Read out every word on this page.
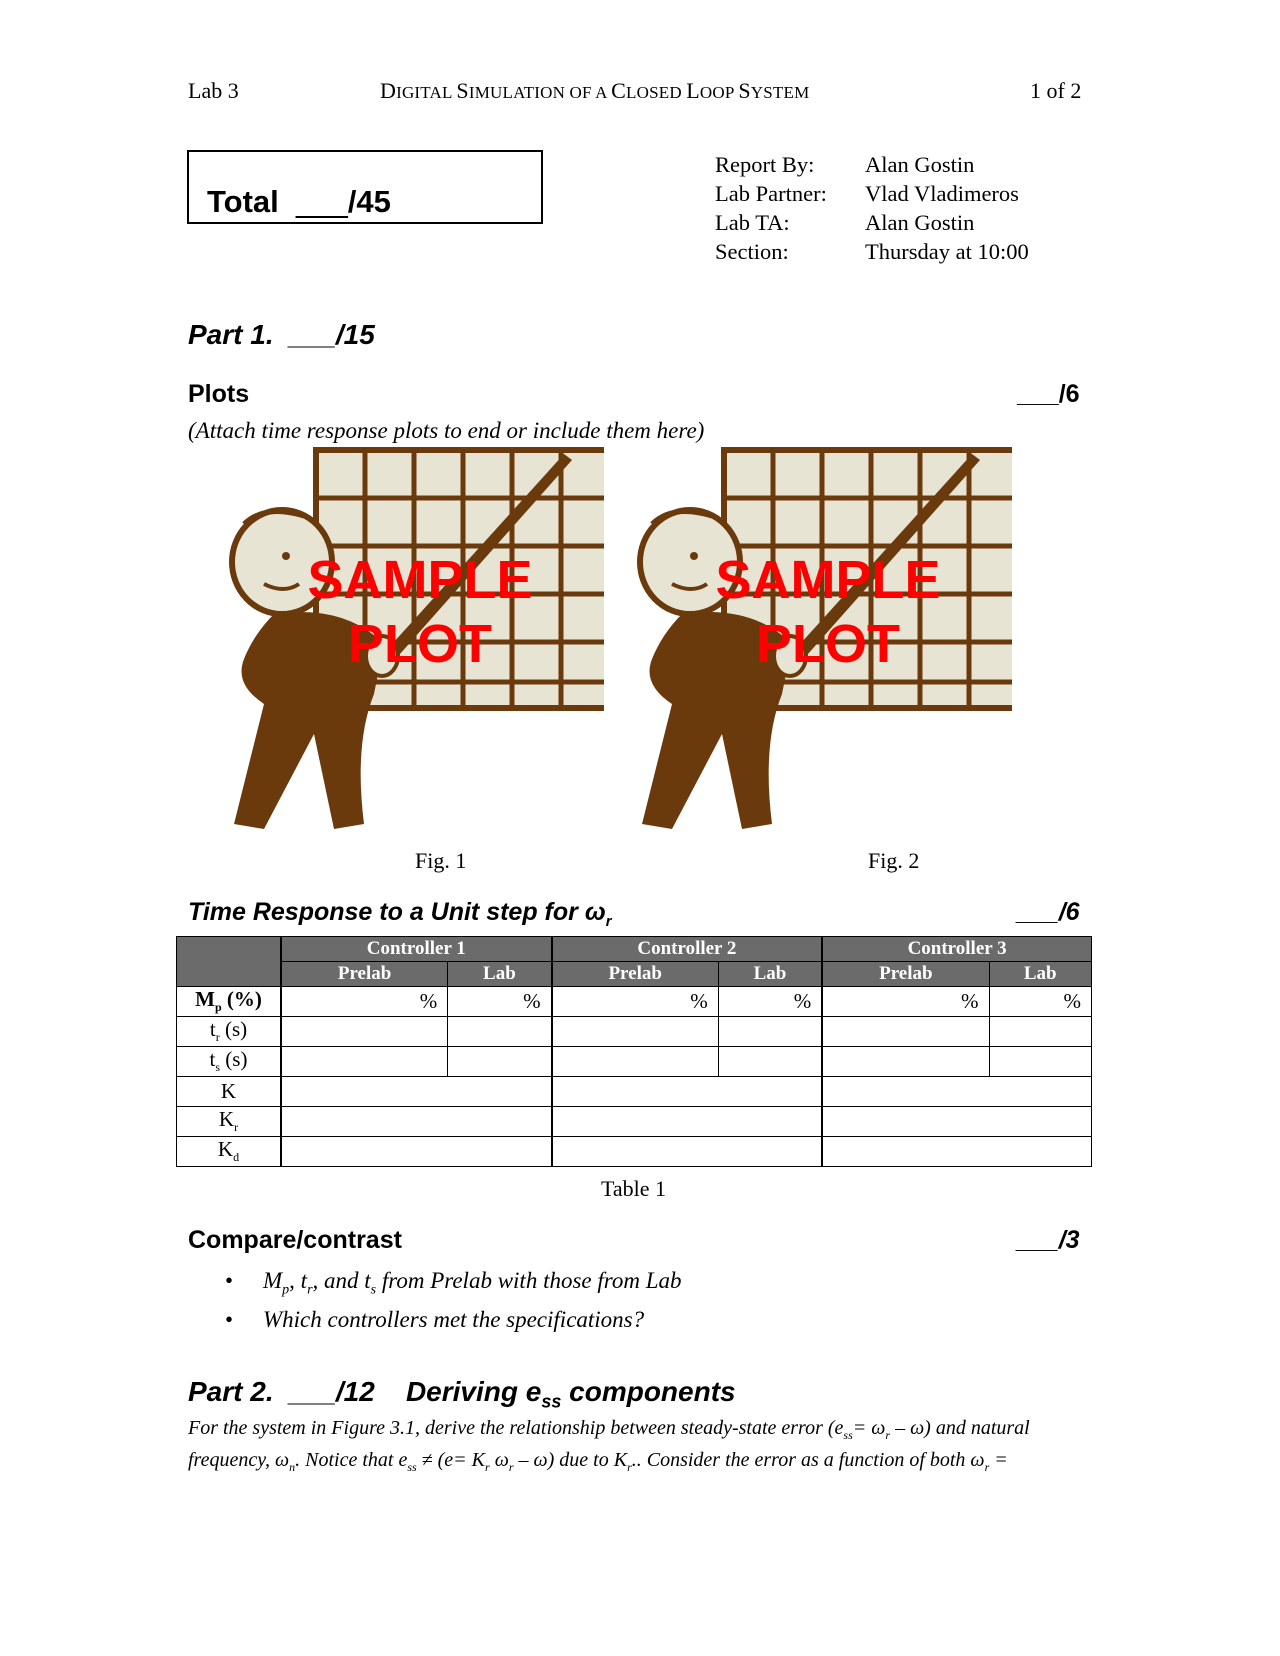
Lab 3	DIGITAL SIMULATION OF A CLOSED LOOP SYSTEM	1 of 2
Total ___/45
Report By:	Alan Gostin
Lab Partner:	Vlad Vladimeros
Lab TA:	Alan Gostin
Section:	Thursday at 10:00
Part 1. ___/15
Plots	___/6
(Attach time response plots to end or include them here)
SAMPLE
PLOT
SAMPLE
PLOT
Fig. 1	Fig. 2
Time Response to a Unit step for $\omega_r$	___/6
	Controller 1		Controller 2		Controller 3	
	Prelab	Lab	Prelab	Lab	Prelab	Lab
$M_p$ (%)	%	%	%	%	%	%
$t_r$ (s)						
$t_s$ (s)						
K						
$K_r$			
$K_d$			
Table 1
Compare/contrast	___/3
•	$M_p$, $t_r$, and $t_s$ from Prelab with those from Lab
•	Which controllers met the specifications?
Part 2. ___/12 Deriving $e_{ss}$ components
For the system in Figure 3.1, derive the relationship between steady-state error $(e_{ss}= \omega_r - \omega)$ and natural
frequency, $\omega_n$. Notice that $e_{ss} \ne (e= K_r$ $\omega_r - \omega$) due to $K_r$.. Consider the error as a function of both $\omega_r$ =
